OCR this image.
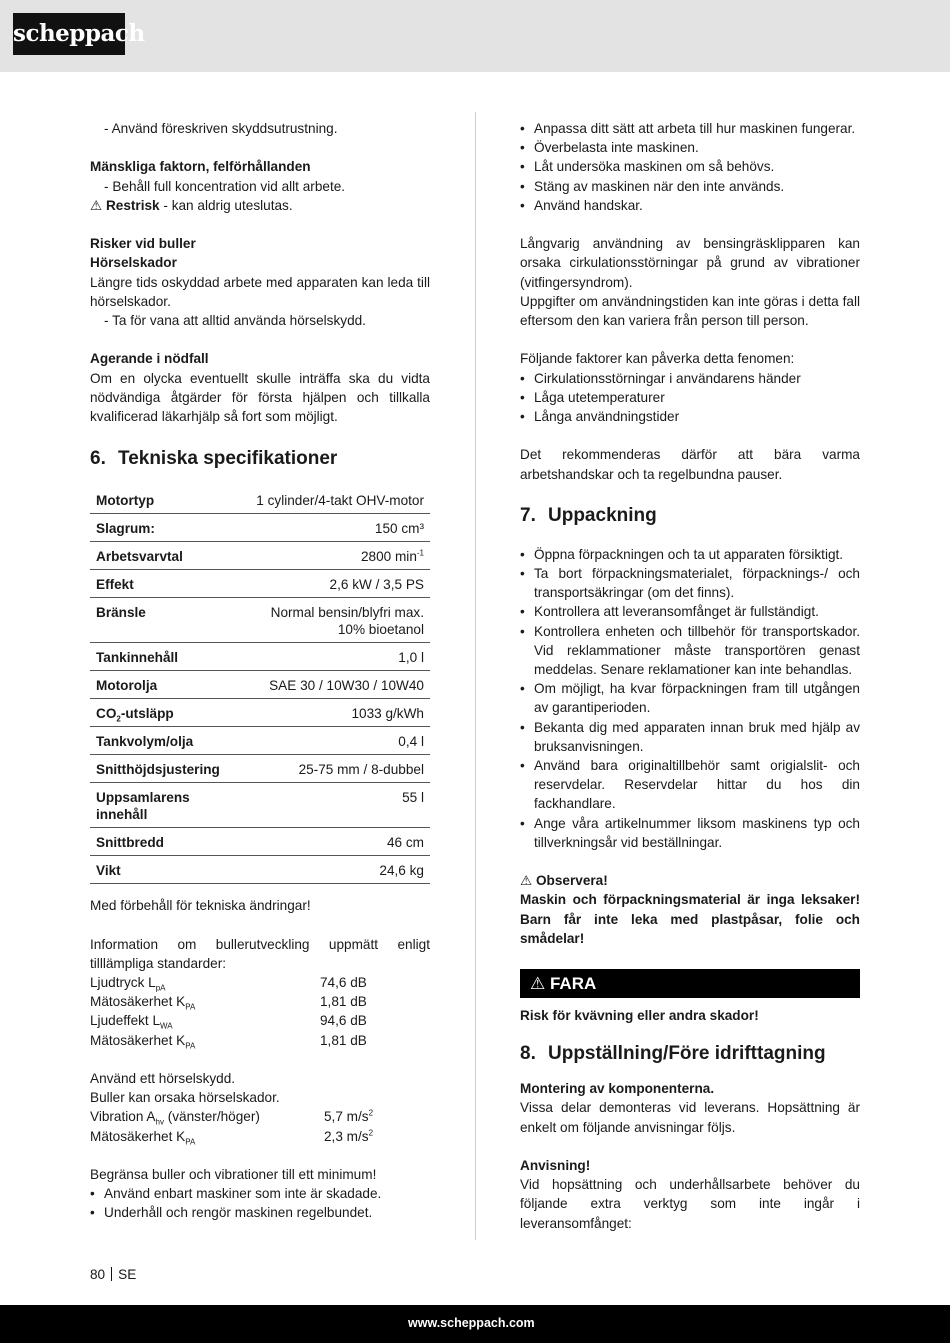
scheppach

- Använd föreskriven skyddsutrustning.

Mänskliga faktorn, felförhållanden

- Behåll full koncentration vid allt arbete.

⚠ Restrisk - kan aldrig uteslutas.

Risker vid buller

Hörselskador

Längre tids oskyddad arbete med apparaten kan leda till hörselskador.

- Ta för vana att alltid använda hörselskydd.

Agerande i nödfall

Om en olycka eventuellt skulle inträffa ska du vidta nödvändiga åtgärder för första hjälpen och tillkalla kvalificerad läkarhjälp så fort som möjligt.

6. Tekniska specifikationer
Motortyp	1 cylinder/4-takt OHV-motor
Slagrum:	150 cm³
Arbetsvarvtal	2800 $\min^{-1}$
Effekt	2,6 kW / 3,5 PS
Bränsle	Normal bensin/blyfri max. 10% bioetanol
Tankinnehåll	1,0 l
Motorolja	SAE 30 / 10W30 / 10W40
$CO_2$-utsläpp	1033 g/kWh
Tankvolym/olja	0,4 l
Snitthöjdsjustering	25-75 mm / 8-dubbel
Uppsamlarens innehåll	55 l
Snittbredd	46 cm
Vikt	24,6 kg

Med förbehåll för tekniska ändringar!

Information om bullerutveckling uppmätt enligt tilllämpliga standarder:

Ljudtryck $L_{pA}$	74,6 dB
Mätosäkerhet $K_{PA}$	1,81 dB
Ljudeffekt $L_{WA}$	94,6 dB
Mätosäkerhet $K_{PA}$	1,81 dB

Använd ett hörselskydd.

Buller kan orsaka hörselskador.

Vibration $A_{hv}$ (vänster/höger)	5,7 $m/s^2$
Mätosäkerhet $K_{PA}$	2,3 $m/s^2$

Begränsa buller och vibrationer till ett minimum!

• Använd enbart maskiner som inte är skadade.

• Underhåll och rengör maskinen regelbundet.

• Anpassa ditt sätt att arbeta till hur maskinen fungerar.

• Överbelasta inte maskinen.

• Låt undersöka maskinen om så behövs.

• Stäng av maskinen när den inte används.

• Använd handskar.

Långvarig användning av bensingräsklipparen kan orsaka cirkulationsstörningar på grund av vibrationer (vitfingersyndrom).

Uppgifter om användningstiden kan inte göras i detta fall eftersom den kan variera från person till person.

Följande faktorer kan påverka detta fenomen:

• Cirkulationsstörningar i användarens händer

• Låga utetemperaturer

• Långa användningstider

Det rekommenderas därför att bära varma arbetshandskar och ta regelbundna pauser.

7. Uppackning

• Öppna förpackningen och ta ut apparaten försiktigt.

• Ta bort förpackningsmaterialet, förpacknings-/ och transportsäkringar (om det finns).

• Kontrollera att leveransomfånget är fullständigt.

• Kontrollera enheten och tillbehör för transportskador. Vid reklammationer måste transportören genast meddelas. Senare reklamationer kan inte behandlas.

• Om möjligt, ha kvar förpackningen fram till utgången av garantiperioden.

• Bekanta dig med apparaten innan bruk med hjälp av bruksanvisningen.

• Använd bara originaltillbehör samt origialslit- och reservdelar. Reservdelar hittar du hos din fackhandlare.

• Ange våra artikelnummer liksom maskinens typ och tillverkningsår vid beställningar.

⚠ Observera!

Maskin och förpackningsmaterial är inga leksaker! Barn får inte leka med plastpåsar, folie och smådelar!

⚠ FARA

Risk för kvävning eller andra skador!

8. Uppställning/Före idrifttagning

Montering av komponenterna.

Vissa delar demonteras vid leverans. Hopsättning är enkelt om följande anvisningar följs.

Anvisning!

Vid hopsättning och underhållsarbete behöver du följande extra verktyg som inte ingår i leveransomfånget:

80 SE
www.scheppach.com
